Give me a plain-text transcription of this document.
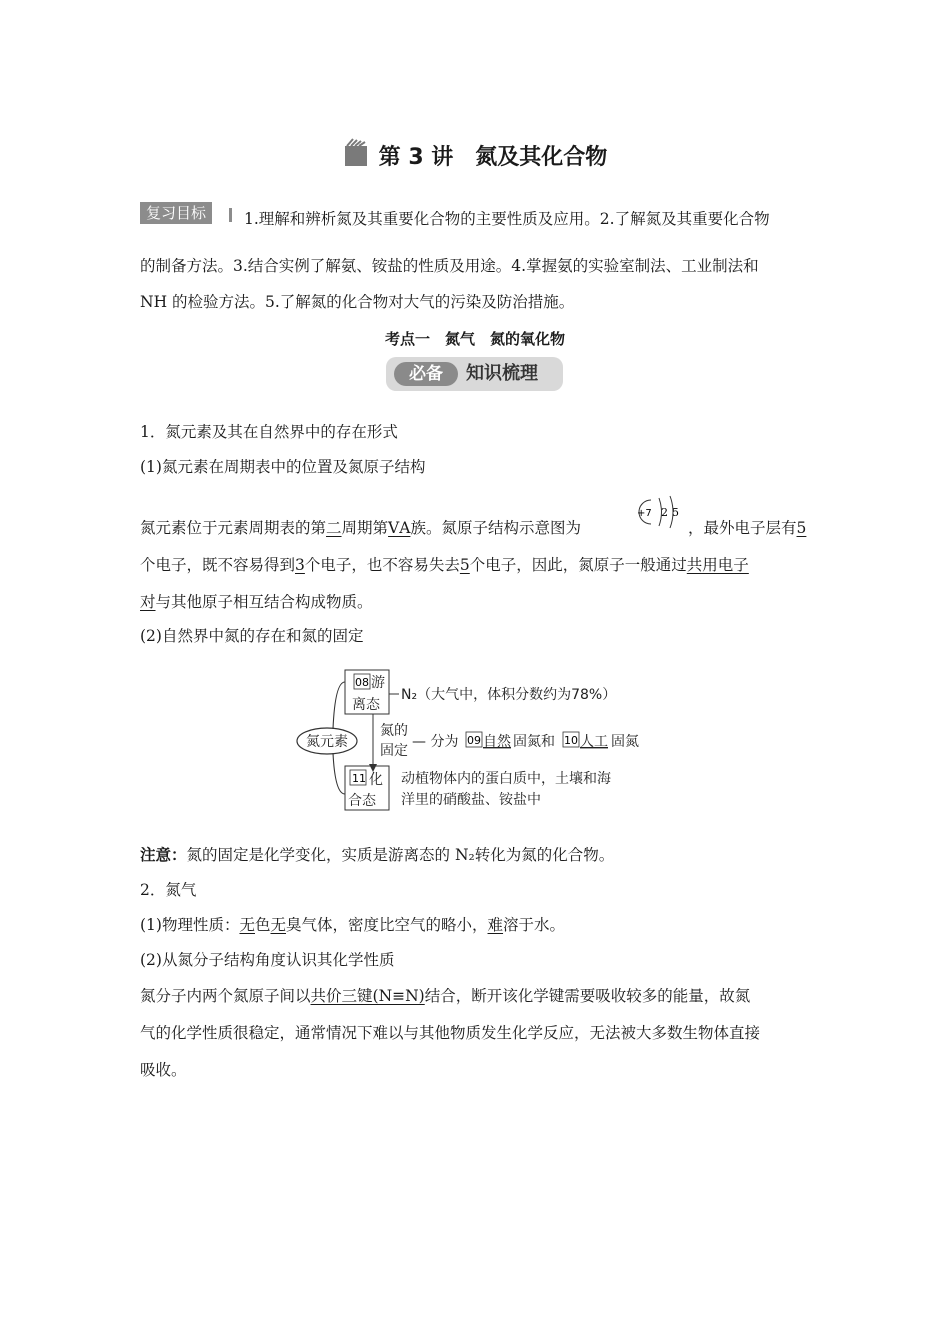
第 3 讲　氮及其化合物
复习目标	1.理解和辨析氮及其重要化合物的主要性质及应用。2.了解氮及其重要化合物
的制备方法。3.结合实例了解氨、铵盐的性质及用途。4.掌握氨的实验室制法、工业制法和
NH 的检验方法。5.了解氮的化合物对大气的污染及防治措施。
考点一　氮气　氮的氧化物
必备	知识梳理
1．氮元素及其在自然界中的存在形式
(1)氮元素在周期表中的位置及氮原子结构
氮元素位于元素周期表的第二周期第ⅤA族。氮原子结构示意图为
+7 2 5
，最外电子层有5
个电子，既不容易得到3个电子，也不容易失去5个电子，因此，氮原子一般通过共用电子
对与其他原子相互结合构成物质。
(2)自然界中氮的存在和氮的固定
氮元素
08 游
离态
N₂（大气中，体积分数约为78%）
氮的
固定
— 分为 09 自然 固氮和 10 人工 固氮
11 化
合态
动植物体内的蛋白质中，土壤和海
洋里的硝酸盐、铵盐中
注意：氮的固定是化学变化，实质是游离态的 N₂转化为氮的化合物。
2．氮气
(1)物理性质：无色无臭气体，密度比空气的略小，难溶于水。
(2)从氮分子结构角度认识其化学性质
氮分子内两个氮原子间以共价三键(N≡N)结合，断开该化学键需要吸收较多的能量，故氮
气的化学性质很稳定，通常情况下难以与其他物质发生化学反应，无法被大多数生物体直接
吸收。
